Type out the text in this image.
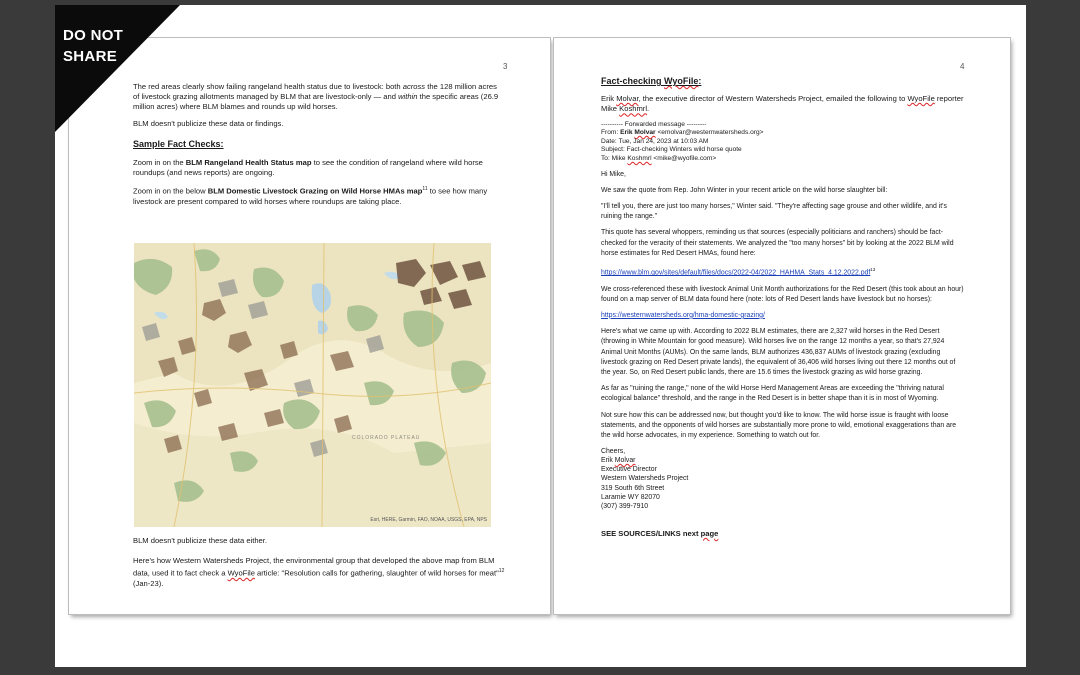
DO NOT
SHARE
3

The red areas clearly show failing rangeland health status due to livestock: both across the 128 million acres of livestock grazing allotments managed by BLM that are livestock-only — and within the specific areas (26.9 million acres) where BLM blames and rounds up wild horses.

BLM doesn't publicize these data or findings.

Sample Fact Checks:

Zoom in on the BLM Rangeland Health Status map to see the condition of rangeland where wild horse roundups (and news reports) are ongoing.

Zoom in on the below BLM Domestic Livestock Grazing on Wild Horse HMAs map$^{11}$ to see how many livestock are present compared to wild horses where roundups are taking place.

COLORADO PLATEAU
Esri, HERE, Garmin, FAO, NOAA, USGS, EPA, NPS

BLM doesn't publicize these data either.

Here's how Western Watersheds Project, the environmental group that developed the above map from BLM data, used it to fact check a WyoFile article: "Resolution calls for gathering, slaughter of wild horses for meat"$^{12}$ (Jan-23).

4

Fact-checking WyoFile:

Erik Molvar, the executive director of Western Watersheds Project, emailed the following to WyoFile reporter Mike Koshmrl.

---------- Forwarded message ---------
From: Erik Molvar <emolvar@westernwatersheds.org>
Date: Tue, Jan 24, 2023 at 10:03 AM
Subject: Fact-checking Winters wild horse quote
To: Mike Koshmrl <mike@wyofile.com>

Hi Mike,

We saw the quote from Rep. John Winter in your recent article on the wild horse slaughter bill:

"I'll tell you, there are just too many horses," Winter said. "They're affecting sage grouse and other wildlife, and it's ruining the range."

This quote has several whoppers, reminding us that sources (especially politicians and ranchers) should be fact-checked for the veracity of their statements. We analyzed the "too many horses" bit by looking at the 2022 BLM wild horse estimates for Red Desert HMAs, found here:

https://www.blm.gov/sites/default/files/docs/2022-04/2022_HAHMA_Stats_4.12.2022.pdf$^{13}$

We cross-referenced these with livestock Animal Unit Month authorizations for the Red Desert (this took about an hour) found on a map server of BLM data found here (note: lots of Red Desert lands have livestock but no horses):

https://westernwatersheds.org/hma-domestic-grazing/

Here's what we came up with. According to 2022 BLM estimates, there are 2,327 wild horses in the Red Desert (throwing in White Mountain for good measure). Wild horses live on the range 12 months a year, so that's 27,924 Animal Unit Months (AUMs). On the same lands, BLM authorizes 436,837 AUMs of livestock grazing (excluding livestock grazing on Red Desert private lands), the equivalent of 36,406 wild horses living out there 12 months out of the year. So, on Red Desert public lands, there are 15.6 times the livestock grazing as wild horse grazing.

As far as "ruining the range," none of the wild Horse Herd Management Areas are exceeding the "thriving natural ecological balance" threshold, and the range in the Red Desert is in better shape than it is in most of Wyoming.

Not sure how this can be addressed now, but thought you'd like to know. The wild horse issue is fraught with loose statements, and the opponents of wild horses are substantially more prone to wild, emotional exaggerations than are the wild horse advocates, in my experience. Something to watch out for.

Cheers,
Erik Molvar
Executive Director
Western Watersheds Project
319 South 6th Street
Laramie WY 82070
(307) 399-7910

SEE SOURCES/LINKS next page
